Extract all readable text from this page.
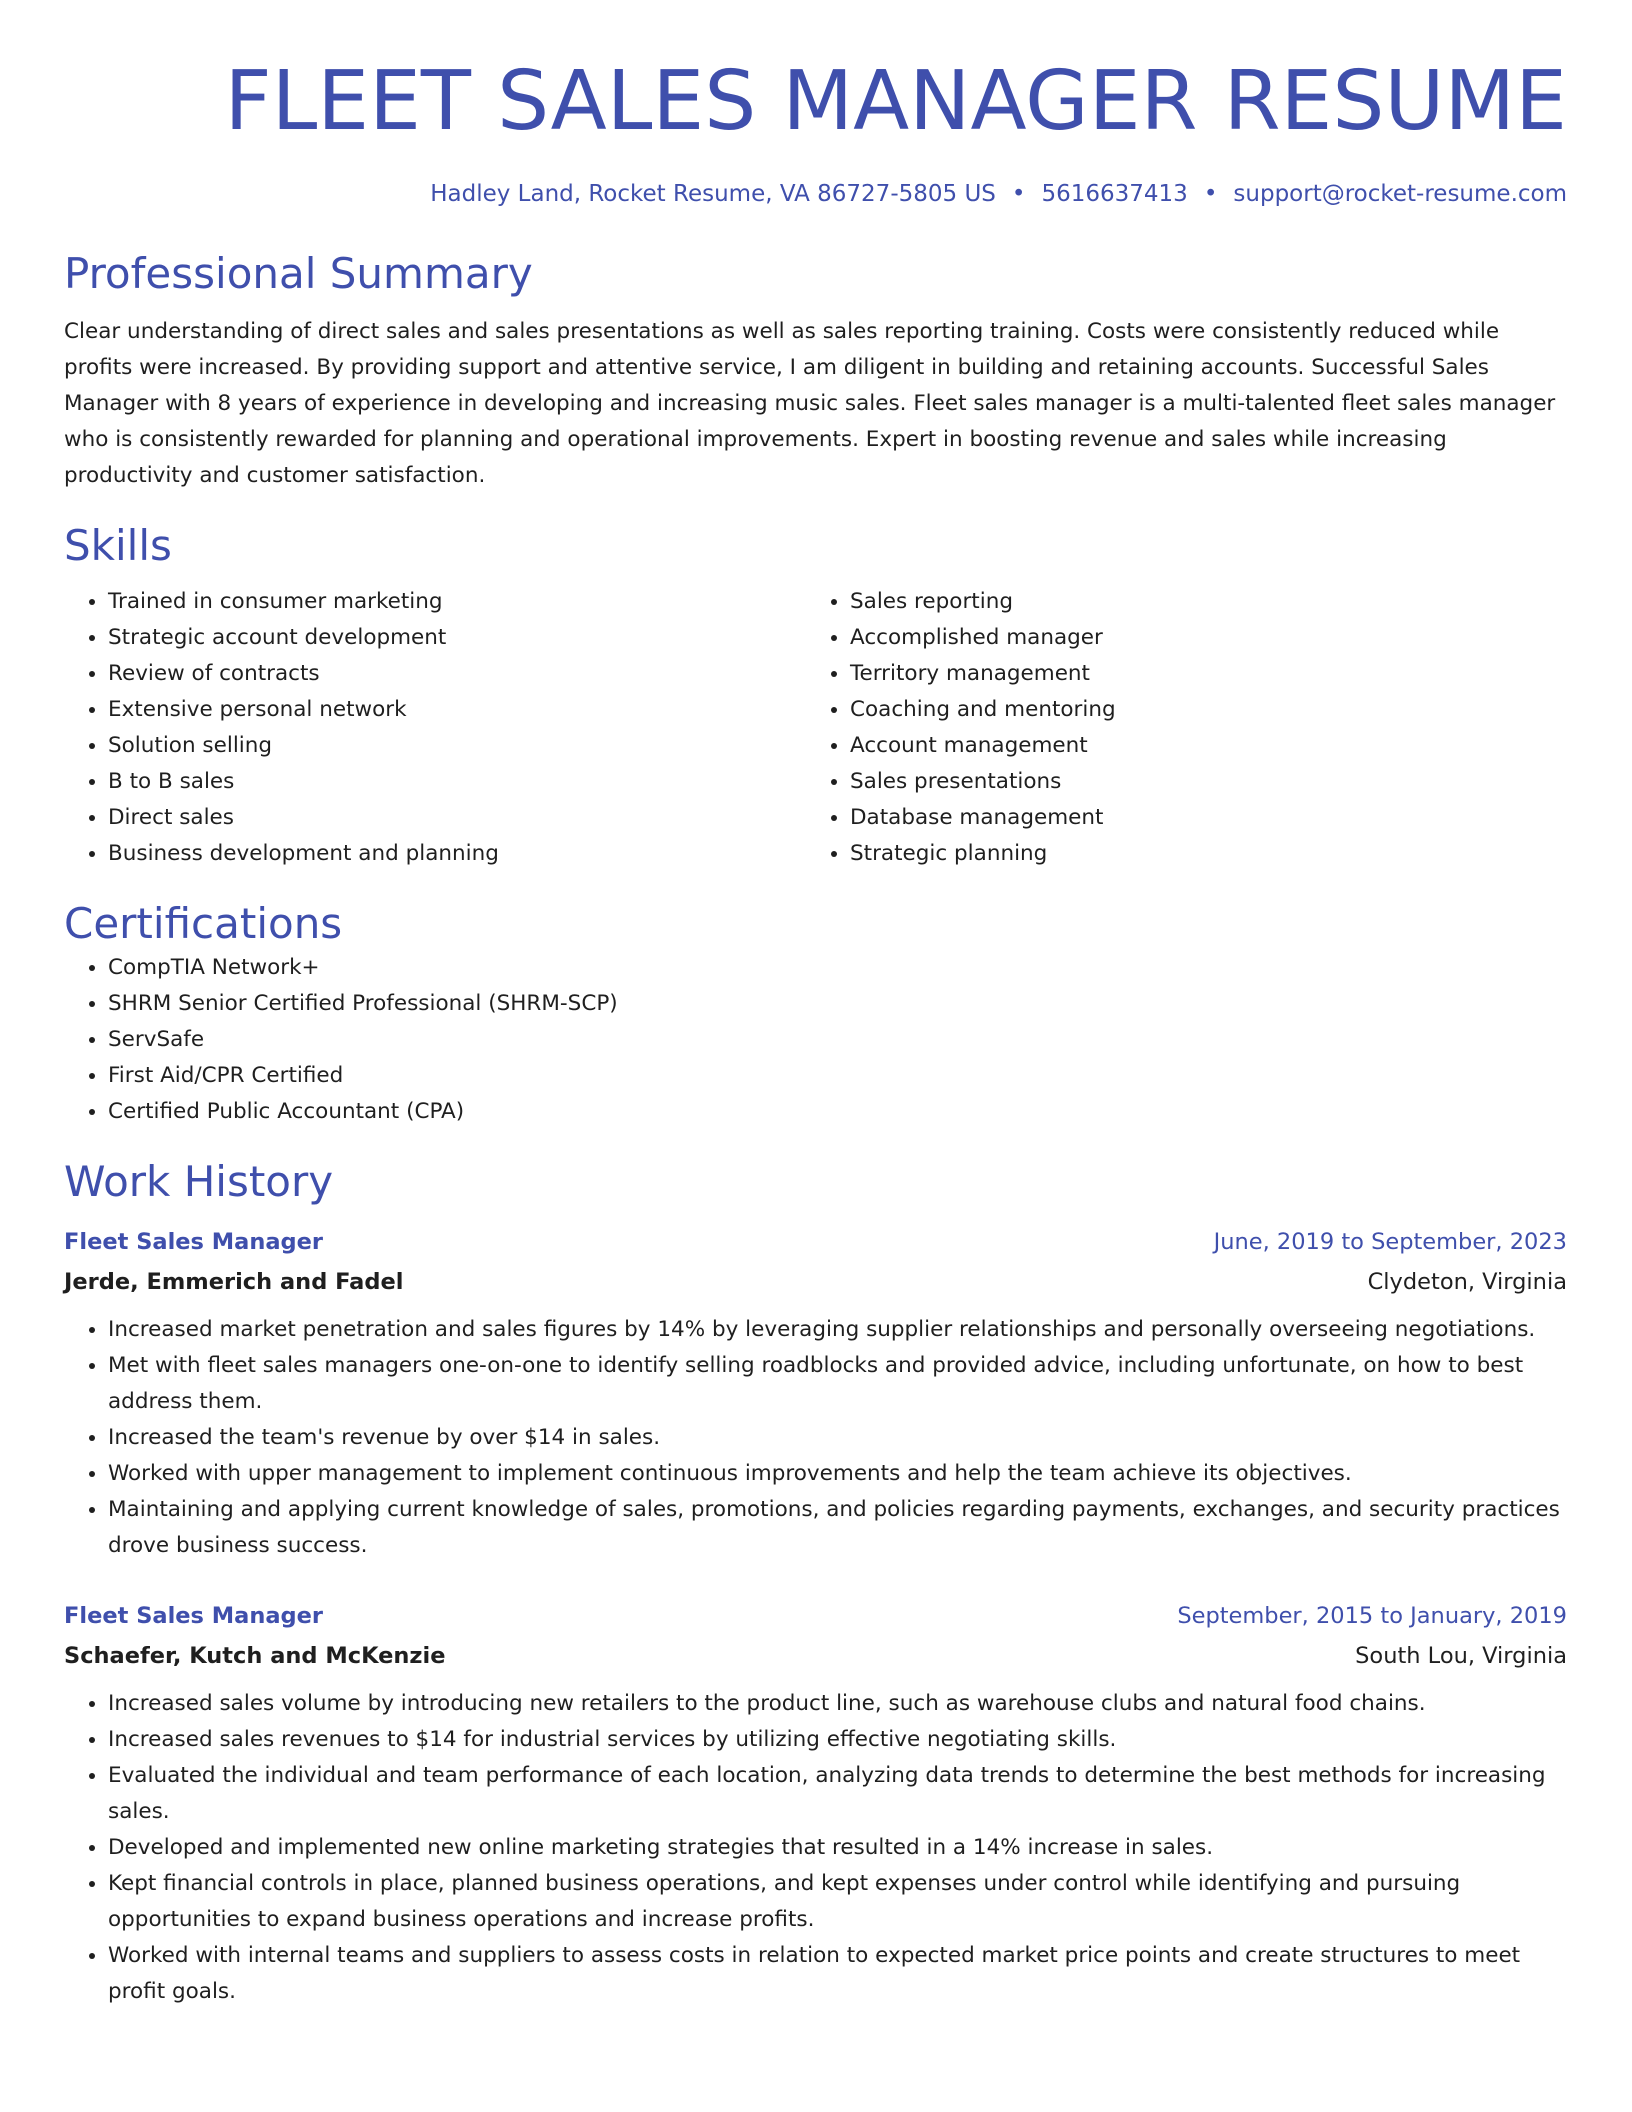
FLEET SALES MANAGER RESUME
Hadley Land, Rocket Resume, VA 86727-5805 US • 5616637413 • support@rocket-resume.com
Professional Summary
Clear understanding of direct sales and sales presentations as well as sales reporting training. Costs were consistently reduced while profits were increased. By providing support and attentive service, I am diligent in building and retaining accounts. Successful Sales Manager with 8 years of experience in developing and increasing music sales. Fleet sales manager is a multi-talented fleet sales manager who is consistently rewarded for planning and operational improvements. Expert in boosting revenue and sales while increasing productivity and customer satisfaction.
Skills
• Trained in consumer marketing
• Strategic account development
• Review of contracts
• Extensive personal network
• Solution selling
• B to B sales
• Direct sales
• Business development and planning
• Sales reporting
• Accomplished manager
• Territory management
• Coaching and mentoring
• Account management
• Sales presentations
• Database management
• Strategic planning
Certifications
• CompTIA Network+
• SHRM Senior Certified Professional (SHRM-SCP)
• ServSafe
• First Aid/CPR Certified
• Certified Public Accountant (CPA)
Work History
Fleet Sales Manager	June, 2019 to September, 2023
Jerde, Emmerich and Fadel	Clydeton, Virginia
• Increased market penetration and sales figures by 14% by leveraging supplier relationships and personally overseeing negotiations.
• Met with fleet sales managers one-on-one to identify selling roadblocks and provided advice, including unfortunate, on how to best address them.
• Increased the team's revenue by over $14 in sales.
• Worked with upper management to implement continuous improvements and help the team achieve its objectives.
• Maintaining and applying current knowledge of sales, promotions, and policies regarding payments, exchanges, and security practices drove business success.
Fleet Sales Manager	September, 2015 to January, 2019
Schaefer, Kutch and McKenzie	South Lou, Virginia
• Increased sales volume by introducing new retailers to the product line, such as warehouse clubs and natural food chains.
• Increased sales revenues to $14 for industrial services by utilizing effective negotiating skills.
• Evaluated the individual and team performance of each location, analyzing data trends to determine the best methods for increasing sales.
• Developed and implemented new online marketing strategies that resulted in a 14% increase in sales.
• Kept financial controls in place, planned business operations, and kept expenses under control while identifying and pursuing opportunities to expand business operations and increase profits.
• Worked with internal teams and suppliers to assess costs in relation to expected market price points and create structures to meet profit goals.
